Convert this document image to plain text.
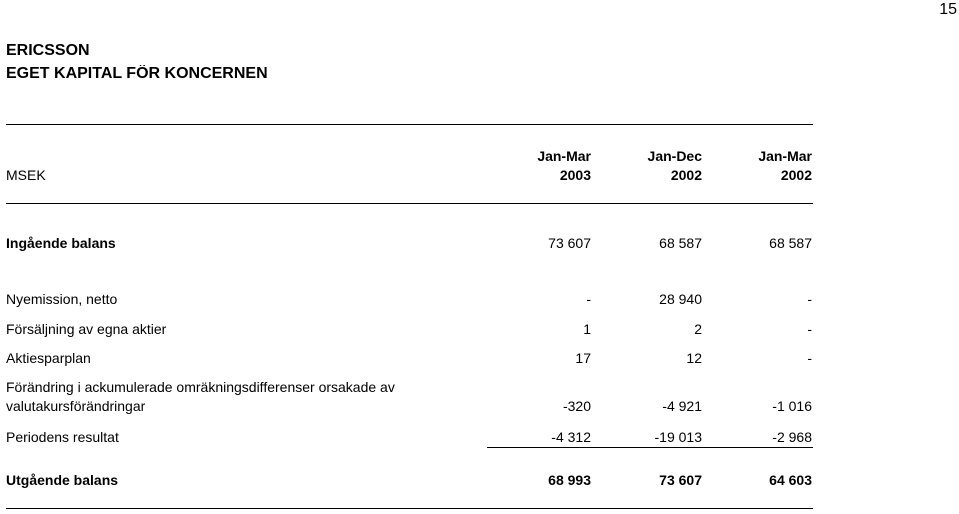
15
ERICSSON
EGET KAPITAL FÖR KONCERNEN
Jan-Mar	Jan-Dec	Jan-Mar
MSEK	2003	2002	2002
Ingående balans	73 607	68 587	68 587
Nyemission, netto	-	28 940	-
Försäljning av egna aktier	1	2	-
Aktiesparplan	17	12	-
Förändring i ackumulerade omräkningsdifferenser orsakade av
valutakursförändringar	-320	-4 921	-1 016
Periodens resultat	-4 312	-19 013	-2 968
Utgående balans	68 993	73 607	64 603
